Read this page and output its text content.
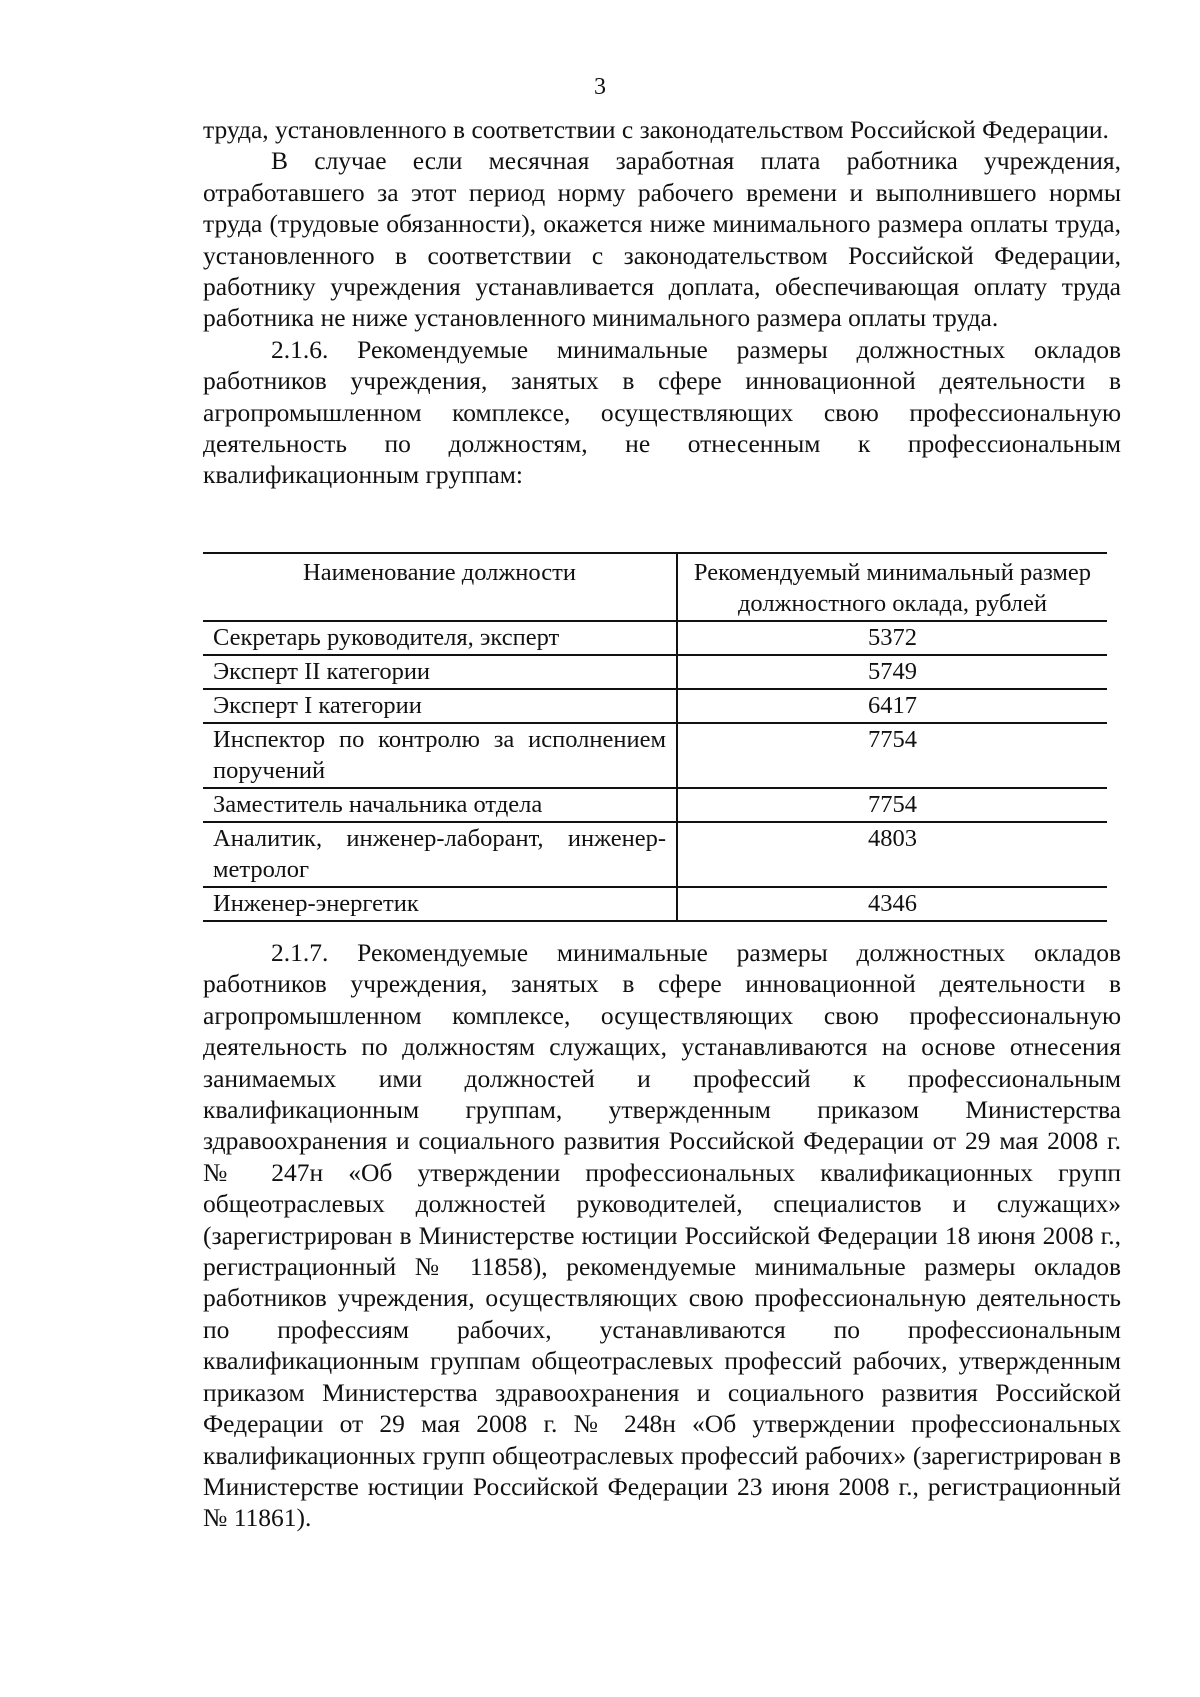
3

труда, установленного в соответствии с законодательством Российской Федерации.

В случае если месячная заработная плата работника учреждения, отработавшего за этот период норму рабочего времени и выполнившего нормы труда (трудовые обязанности), окажется ниже минимального размера оплаты труда, установленного в соответствии с законодательством Российской Федерации, работнику учреждения устанавливается доплата, обеспечивающая оплату труда работника не ниже установленного минимального размера оплаты труда.

2.1.6. Рекомендуемые минимальные размеры должностных окладов работников учреждения, занятых в сфере инновационной деятельности в агропромышленном комплексе, осуществляющих свою профессиональную деятельность по должностям, не отнесенным к профессиональным квалификационным группам:

Наименование должности	Рекомендуемый минимальный размер должностного оклада, рублей
Секретарь руководителя, эксперт	5372
Эксперт II категории	5749
Эксперт I категории	6417
Инспектор по контролю за исполнением поручений	7754
Заместитель начальника отдела	7754
Аналитик, инженер-лаборант, инженер-метролог	4803
Инженер-энергетик	4346

2.1.7. Рекомендуемые минимальные размеры должностных окладов работников учреждения, занятых в сфере инновационной деятельности в агропромышленном комплексе, осуществляющих свою профессиональную деятельность по должностям служащих, устанавливаются на основе отнесения занимаемых ими должностей и профессий к профессиональным квалификационным группам, утвержденным приказом Министерства здравоохранения и социального развития Российской Федерации от 29 мая 2008 г. № 247н «Об утверждении профессиональных квалификационных групп общеотраслевых должностей руководителей, специалистов и служащих» (зарегистрирован в Министерстве юстиции Российской Федерации 18 июня 2008 г., регистрационный № 11858), рекомендуемые минимальные размеры окладов работников учреждения, осуществляющих свою профессиональную деятельность по профессиям рабочих, устанавливаются по профессиональным квалификационным группам общеотраслевых профессий рабочих, утвержденным приказом Министерства здравоохранения и социального развития Российской Федерации от 29 мая 2008 г. № 248н «Об утверждении профессиональных квалификационных групп общеотраслевых профессий рабочих» (зарегистрирован в Министерстве юстиции Российской Федерации 23 июня 2008 г., регистрационный № 11861).
